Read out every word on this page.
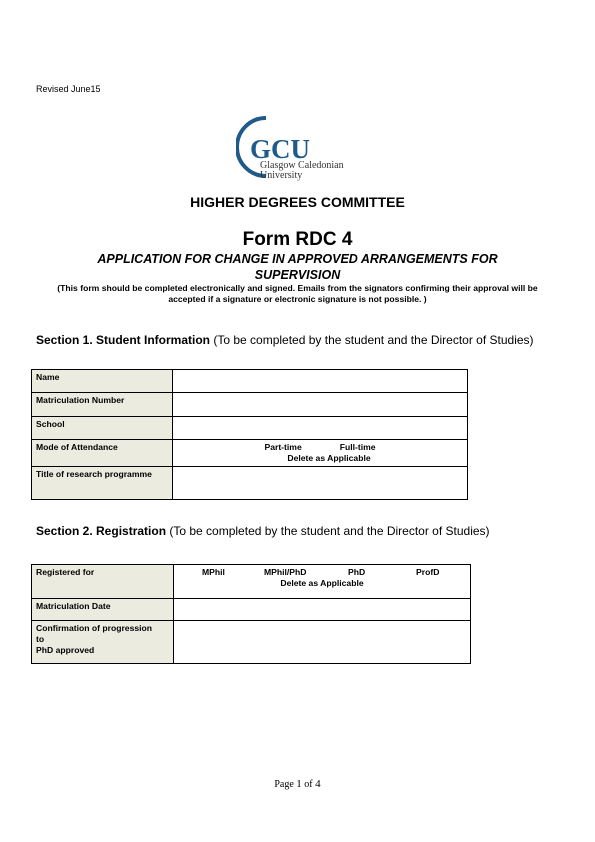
Revised June15
GCU
Glasgow Caledonian
University
HIGHER DEGREES COMMITTEE
Form RDC 4
APPLICATION FOR CHANGE IN APPROVED ARRANGEMENTS FOR SUPERVISION
(This form should be completed electronically and signed. Emails from the signators confirming their approval will be accepted if a signature or electronic signature is not possible. )
Section 1. Student Information (To be completed by the student and the Director of Studies)
Name	
Matriculation Number	
School	
Mode of Attendance	Part-time Full-time
Delete as Applicable

Title of research programme	
Section 2. Registration (To be completed by the student and the Director of Studies)
Registered for	MPhil MPhil/PhD PhD ProfD
Delete as Applicable

Matriculation Date	

Confirmation of progression
to
PhD approved	

Page 1 of 4
